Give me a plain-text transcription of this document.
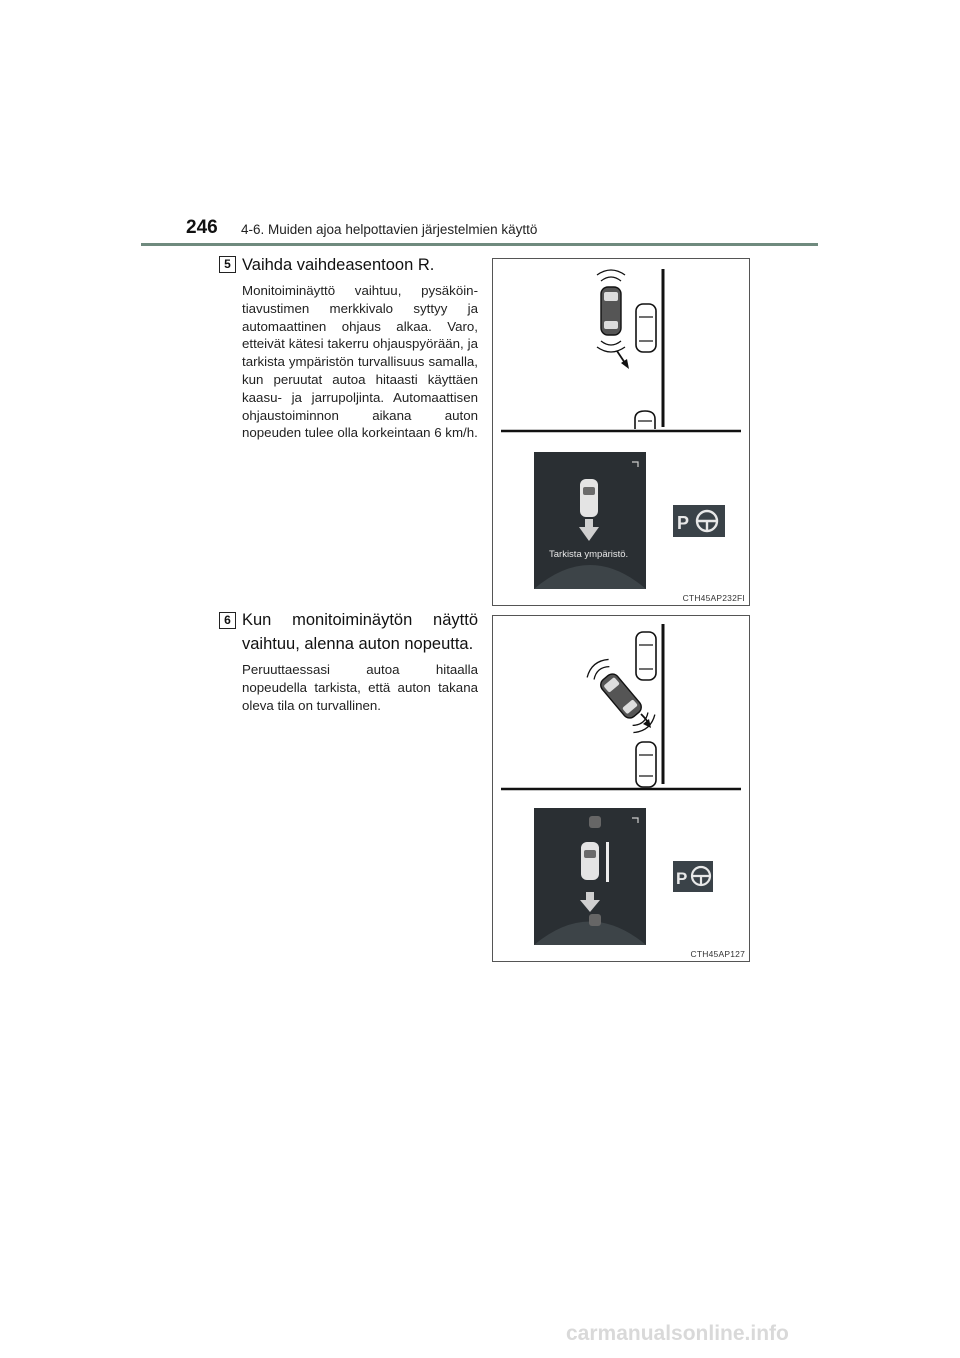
246 4-6. Muiden ajoa helpottavien järjestelmien käyttö
5 Vaihda vaihdeasentoon R.
Monitoiminäyttö vaihtuu, pysäköintiavustimen merkkivalo syttyy ja automaattinen ohjaus alkaa. Varo, etteivät kätesi takerru ohjauspyörään, ja tarkista ympäristön turvallisuus samalla, kun peruutat autoa hitaasti käyttäen kaasu- ja jarrupoljinta. Automaattisen ohjaustoiminnon aikana auton nopeuden tulee olla korkeintaan 6 km/h.
P
Tarkista ympäristö.
CTH45AP232FI
6 Kun monitoiminäytön näyttö vaihtuu, alenna auton nopeutta.
Peruuttaessasi autoa hitaalla nopeudella tarkista, että auton takana oleva tila on turvallinen.
P
CTH45AP127
carmanualsonline.info
